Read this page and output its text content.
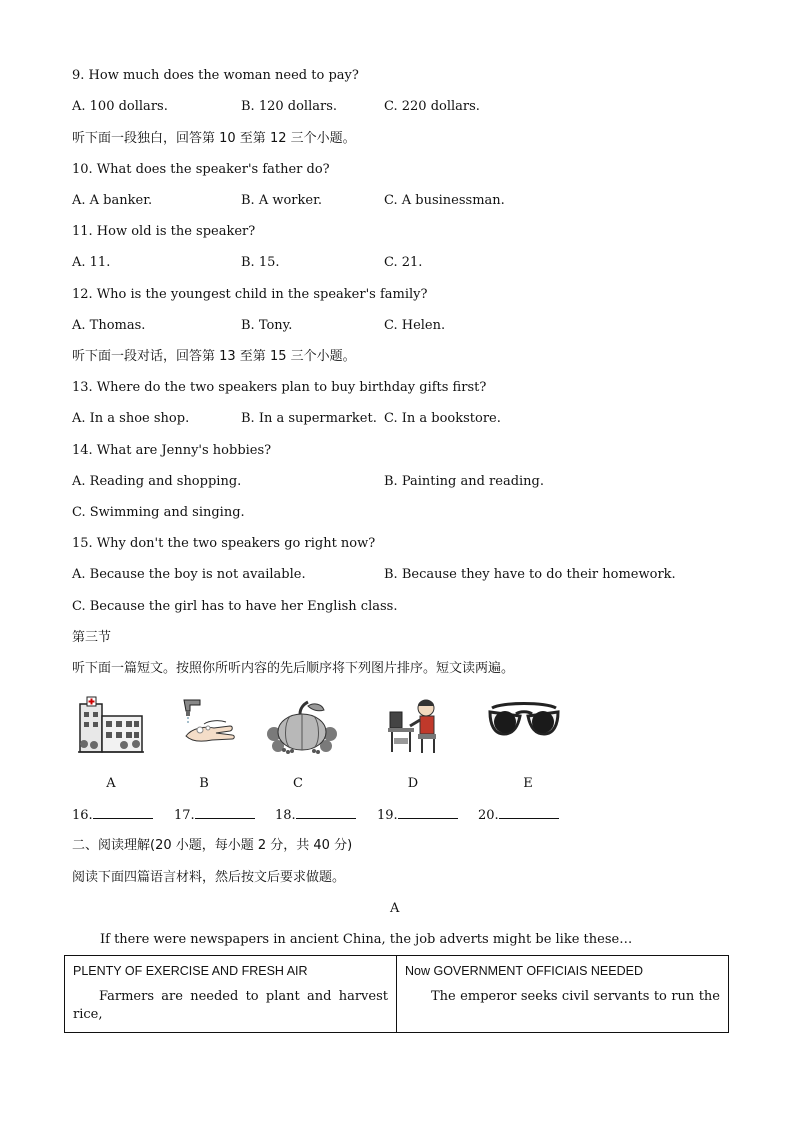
9. How much does the woman need to pay?
A. 100 dollars.	B. 120 dollars.	C. 220 dollars.
听下面一段独白，回答第 10 至第 12 三个小题。
10. What does the speaker's father do?
A. A banker.	B. A worker.	C. A businessman.
11. How old is the speaker?
A. 11.	B. 15.	C. 21.
12. Who is the youngest child in the speaker's family?
A. Thomas.	B. Tony.	C. Helen.
听下面一段对话，回答第 13 至第 15 三个小题。
13. Where do the two speakers plan to buy birthday gifts first?
A. In a shoe shop.	B. In a supermarket. C. In a bookstore.
14. What are Jenny's hobbies?
A. Reading and shopping.	B. Painting and reading.
C. Swimming and singing.
15. Why don't the two speakers go right now?
A. Because the boy is not available.	B. Because they have to do their homework.
C. Because the girl has to have her English class.
第三节
听下面一篇短文。按照你所听内容的先后顺序将下列图片排序。短文读两遍。
A	B	C	D	E
16.	17.	18.	19.	20.
二、阅读理解(20 小题，每小题 2 分，共 40 分)
阅读下面四篇语言材料，然后按文后要求做题。
A
If there were newspapers in ancient China, the job adverts might be like these…
PLENTY OF EXERCISE AND FRESH AIR
Farmers are needed to plant and harvest rice,

Now GOVERNMENT OFFICIAIS NEEDED
The emperor seeks civil servants to run the
